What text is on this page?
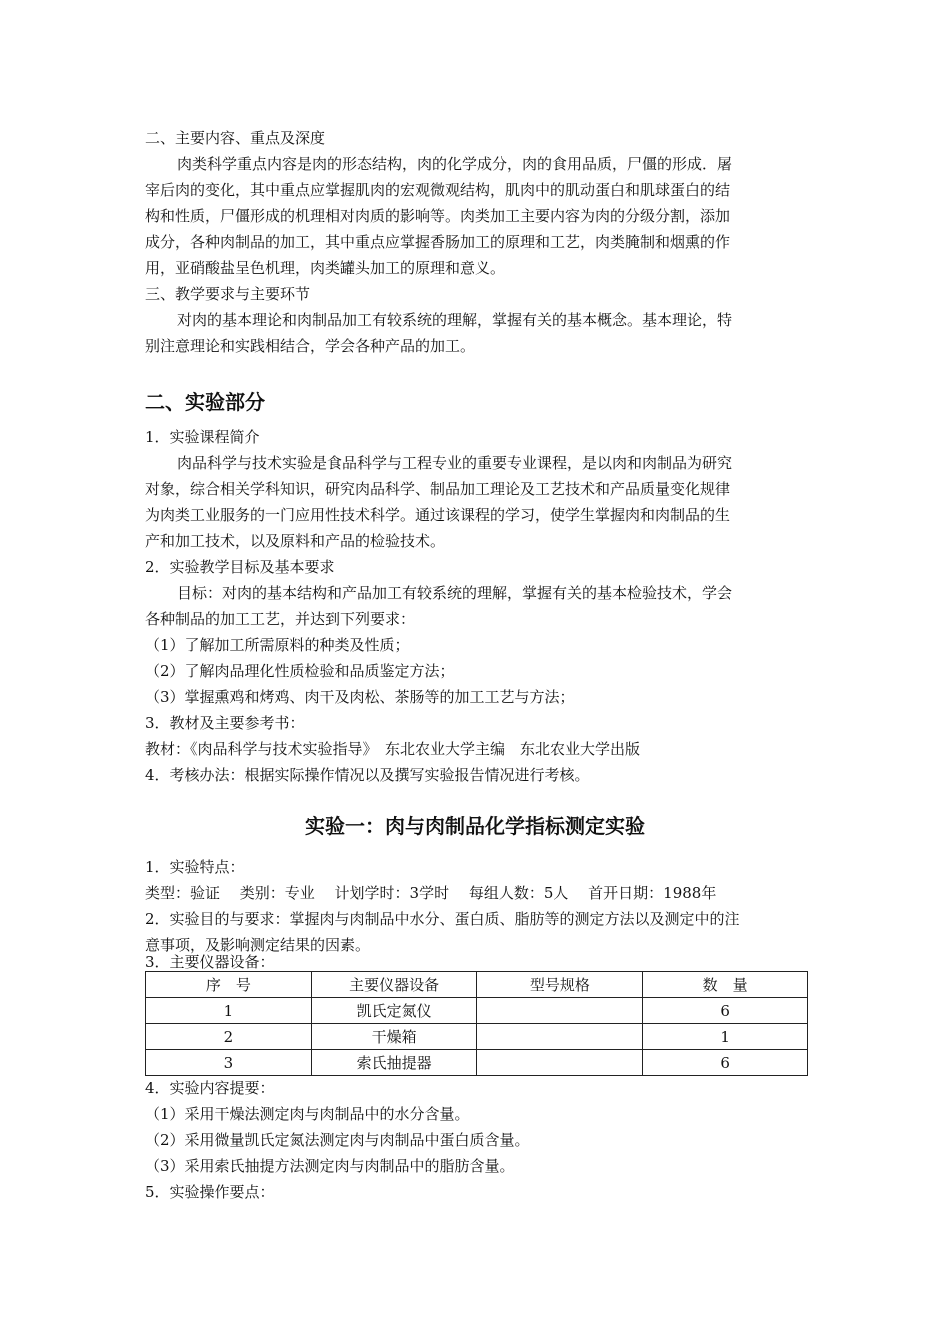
二、主要内容、重点及深度
肉类科学重点内容是肉的形态结构，肉的化学成分，肉的食用品质，尸僵的形成．屠
宰后肉的变化，其中重点应掌握肌肉的宏观微观结构，肌肉中的肌动蛋白和肌球蛋白的结
构和性质，尸僵形成的机理相对肉质的影响等。肉类加工主要内容为肉的分级分割，添加
成分，各种肉制品的加工，其中重点应掌握香肠加工的原理和工艺，肉类腌制和烟熏的作
用，亚硝酸盐呈色机理，肉类罐头加工的原理和意义。
三、教学要求与主要环节
对肉的基本理论和肉制品加工有较系统的理解，掌握有关的基本概念。基本理论，特
别注意理论和实践相结合，学会各种产品的加工。
二、实验部分
1．实验课程简介
肉品科学与技术实验是食品科学与工程专业的重要专业课程，是以肉和肉制品为研究
对象，综合相关学科知识，研究肉品科学、制品加工理论及工艺技术和产品质量变化规律
为肉类工业服务的一门应用性技术科学。通过该课程的学习，使学生掌握肉和肉制品的生
产和加工技术，以及原料和产品的检验技术。
2．实验教学目标及基本要求
目标：对肉的基本结构和产品加工有较系统的理解，掌握有关的基本检验技术，学会
各种制品的加工工艺，并达到下列要求：
（1）了解加工所需原料的种类及性质；
（2）了解肉品理化性质检验和品质鉴定方法；
（3）掌握熏鸡和烤鸡、肉干及肉松、茶肠等的加工工艺与方法；
3．教材及主要参考书：
教材：《肉品科学与技术实验指导》　东北农业大学主编　东北农业大学出版
4．考核办法：根据实际操作情况以及撰写实验报告情况进行考核。
实验一：肉与肉制品化学指标测定实验
1．实验特点：
类型：验证　 类别：专业　 计划学时：3学时　 每组人数：5人　 首开日期：1988年
2．实验目的与要求：掌握肉与肉制品中水分、蛋白质、脂肪等的测定方法以及测定中的注
意事项，及影响测定结果的因素。
3．主要仪器设备：
序　号	主要仪器设备	型号规格	数　量
1	凯氏定氮仪		6
2	干燥箱		1
3	索氏抽提器		6
4．实验内容提要：
（1）采用干燥法测定肉与肉制品中的水分含量。
（2）采用微量凯氏定氮法测定肉与肉制品中蛋白质含量。
（3）采用索氏抽提方法测定肉与肉制品中的脂肪含量。
5．实验操作要点：
